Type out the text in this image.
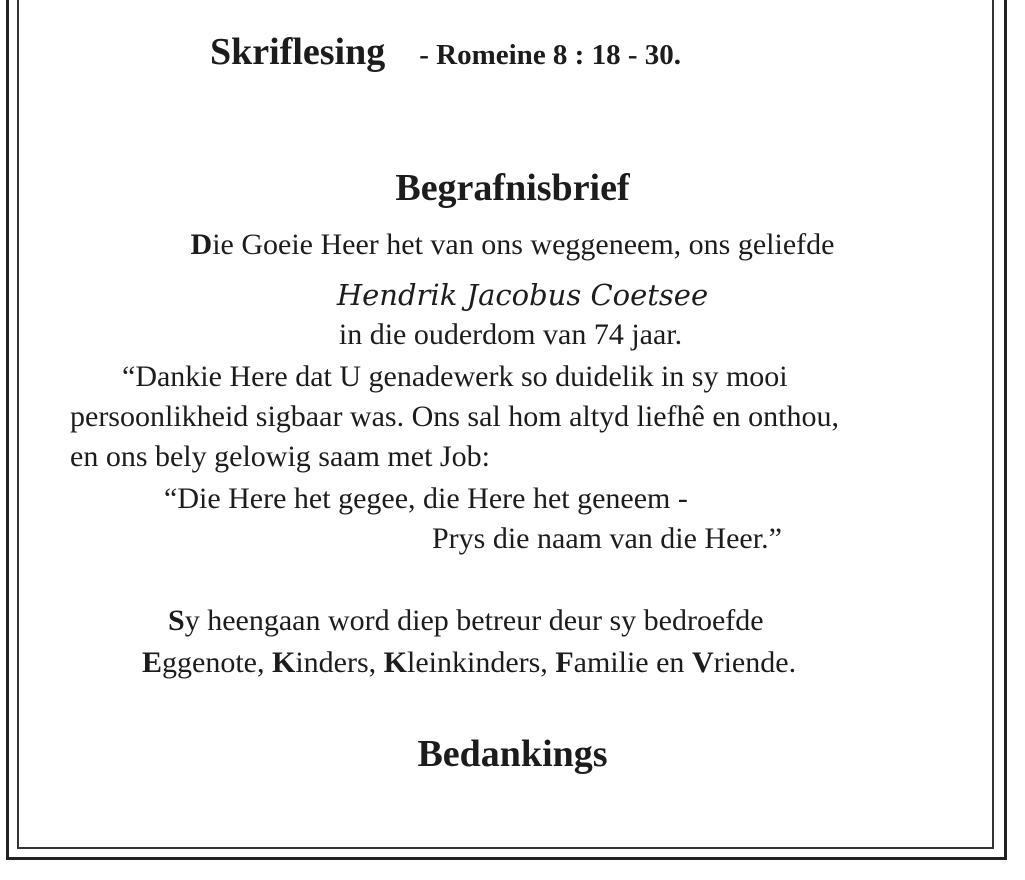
Skriflesing - Romeine 8 : 18 - 30.
Begrafnisbrief
Die Goeie Heer het van ons weggeneem, ons geliefde
Hendrik Jacobus Coetsee
in die ouderdom van 74 jaar.
“Dankie Here dat U genadewerk so duidelik in sy mooi
persoonlikheid sigbaar was. Ons sal hom altyd liefhê en onthou,
en ons bely gelowig saam met Job:
“Die Here het gegee, die Here het geneem -
Prys die naam van die Heer.”
Sy heengaan word diep betreur deur sy bedroefde
Eggenote, Kinders, Kleinkinders, Familie en Vriende.
Bedankings
